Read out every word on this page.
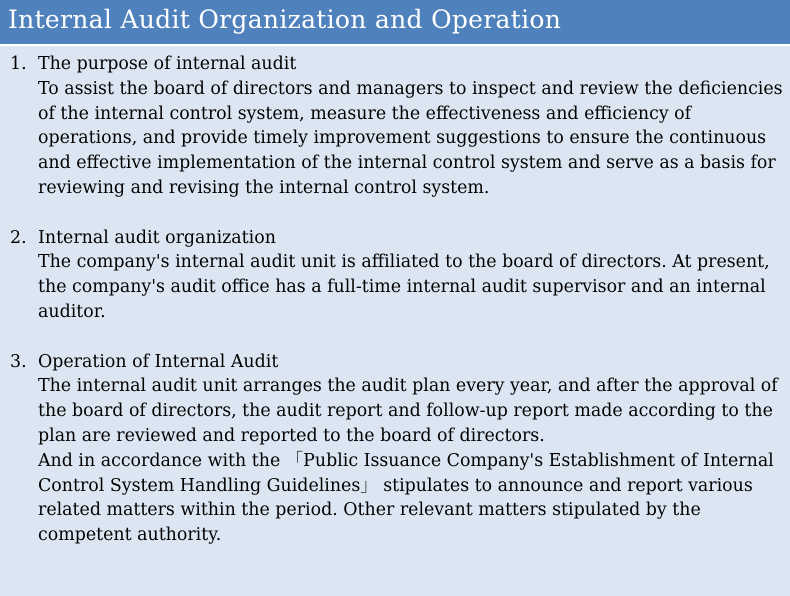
Internal Audit Organization and Operation
1. The purpose of internal audit

To assist the board of directors and managers to inspect and review the deficiencies of the internal control system, measure the effectiveness and efficiency of operations, and provide timely improvement suggestions to ensure the continuous and effective implementation of the internal control system and serve as a basis for reviewing and revising the internal control system.

2. Internal audit organization

The company's internal audit unit is affiliated to the board of directors. At present, the company's audit office has a full-time internal audit supervisor and an internal auditor.

3. Operation of Internal Audit

The internal audit unit arranges the audit plan every year, and after the approval of the board of directors, the audit report and follow-up report made according to the plan are reviewed and reported to the board of directors.

And in accordance with the 「Public Issuance Company's Establishment of Internal Control System Handling Guidelines」 stipulates to announce and report various related matters within the period. Other relevant matters stipulated by the competent authority.
